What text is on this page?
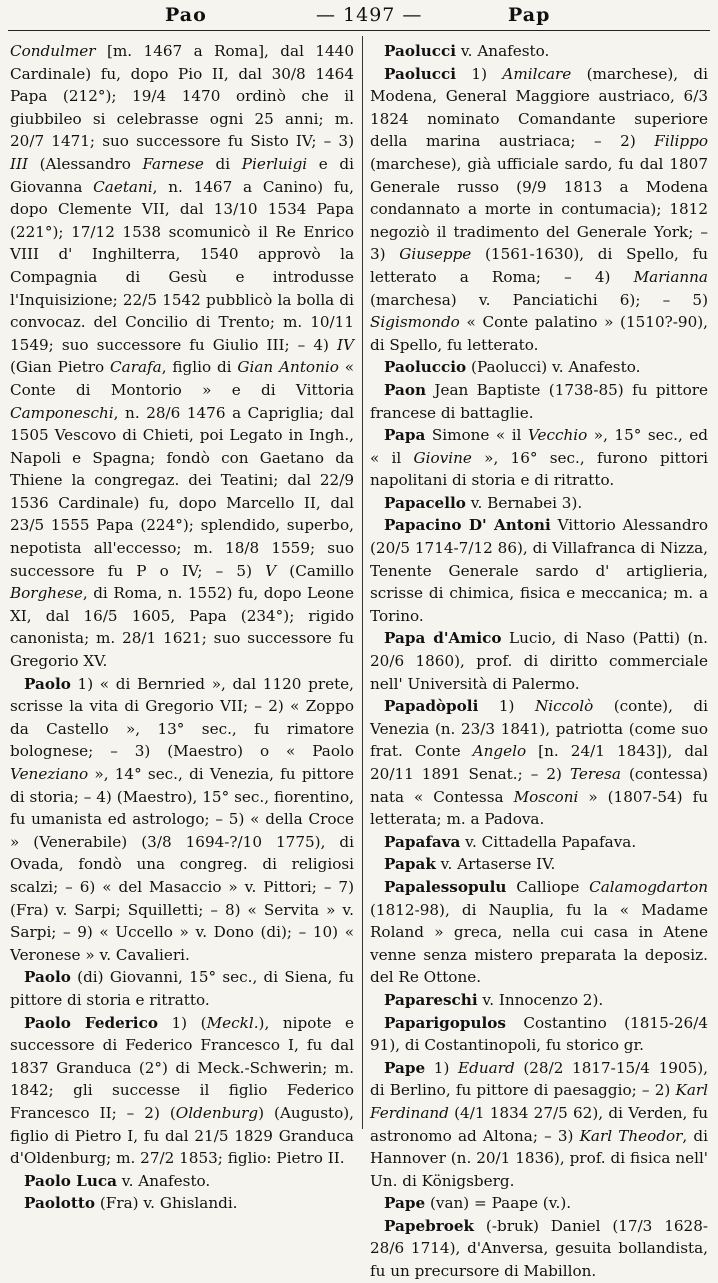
Pao	— 1497 —	Pap

Condulmer [m. 1467 a Roma], dal 1440 Cardinale) fu, dopo Pio II, dal 30/8 1464 Papa (212°); 19/4 1470 ordinò che il giubbileo si celebrasse ogni 25 anni; m. 20/7 1471; suo successore fu Sisto IV; – 3) III (Alessandro Farnese di Pierluigi e di Giovanna Caetani, n. 1467 a Canino) fu, dopo Clemente VII, dal 13/10 1534 Papa (221°); 17/12 1538 scomunicò il Re Enrico VIII d' Inghilterra, 1540 approvò la Compagnia di Gesù e introdusse l'Inquisizione; 22/5 1542 pubblicò la bolla di convocaz. del Concilio di Trento; m. 10/11 1549; suo successore fu Giulio III; – 4) IV (Gian Pietro Carafa, figlio di Gian Antonio « Conte di Montorio » e di Vittoria Camponeschi, n. 28/6 1476 a Capriglia; dal 1505 Vescovo di Chieti, poi Legato in Ingh., Napoli e Spagna; fondò con Gaetano da Thiene la congregaz. dei Teatini; dal 22/9 1536 Cardinale) fu, dopo Marcello II, dal 23/5 1555 Papa (224°); splendido, superbo, nepotista all'eccesso; m. 18/8 1559; suo successore fu P o IV; – 5) V (Camillo Borghese, di Roma, n. 1552) fu, dopo Leone XI, dal 16/5 1605, Papa (234°); rigido canonista; m. 28/1 1621; suo successore fu Gregorio XV.

Paolo 1) « di Bernried », dal 1120 prete, scrisse la vita di Gregorio VII; – 2) « Zoppo da Castello », 13° sec., fu rimatore bolognese; – 3) (Maestro) o « Paolo Veneziano », 14° sec., di Venezia, fu pittore di storia; – 4) (Maestro), 15° sec., fiorentino, fu umanista ed astrologo; – 5) « della Croce » (Venerabile) (3/8 1694-?/10 1775), di Ovada, fondò una congreg. di religiosi scalzi; – 6) « del Masaccio » v. Pittori; – 7) (Fra) v. Sarpi; Squilletti; – 8) « Servita » v. Sarpi; – 9) « Uccello » v. Dono (di); – 10) « Veronese » v. Cavalieri.

Paolo (di) Giovanni, 15° sec., di Siena, fu pittore di storia e ritratto.

Paolo Federico 1) (Meckl.), nipote e successore di Federico Francesco I, fu dal 1837 Granduca (2°) di Meck.-Schwerin; m. 1842; gli successe il figlio Federico Francesco II; – 2) (Oldenburg) (Augusto), figlio di Pietro I, fu dal 21/5 1829 Granduca d'Oldenburg; m. 27/2 1853; figlio: Pietro II.

Paolo Luca v. Anafesto.

Paolotto (Fra) v. Ghislandi.

Paolucci v. Anafesto.

Paolucci 1) Amilcare (marchese), di Modena, General Maggiore austriaco, 6/3 1824 nominato Comandante superiore della marina austriaca; – 2) Filippo (marchese), già ufficiale sardo, fu dal 1807 Generale russo (9/9 1813 a Modena condannato a morte in contumacia); 1812 negoziò il tradimento del Generale York; – 3) Giuseppe (1561-1630), di Spello, fu letterato a Roma; – 4) Marianna (marchesa) v. Panciatichi 6); – 5) Sigismondo « Conte palatino » (1510?-90), di Spello, fu letterato.

Paoluccio (Paolucci) v. Anafesto.

Paon Jean Baptiste (1738-85) fu pittore francese di battaglie.

Papa Simone « il Vecchio », 15° sec., ed « il Giovine », 16° sec., furono pittori napolitani di storia e di ritratto.

Papacello v. Bernabei 3).

Papacino D' Antoni Vittorio Alessandro (20/5 1714-7/12 86), di Villafranca di Nizza, Tenente Generale sardo d' artiglieria, scrisse di chimica, fisica e meccanica; m. a Torino.

Papa d'Amico Lucio, di Naso (Patti) (n. 20/6 1860), prof. di diritto commerciale nell' Università di Palermo.

Papadòpoli 1) Niccolò (conte), di Venezia (n. 23/3 1841), patriotta (come suo frat. Conte Angelo [n. 24/1 1843]), dal 20/11 1891 Senat.; – 2) Teresa (contessa) nata « Contessa Mosconi » (1807-54) fu letterata; m. a Padova.

Papafava v. Cittadella Papafava.

Papak v. Artaserse IV.

Papalessopulu Calliope Calamogdarton (1812-98), di Nauplia, fu la « Madame Roland » greca, nella cui casa in Atene venne senza mistero preparata la deposiz. del Re Ottone.

Papareschi v. Innocenzo 2).

Paparigopulos Costantino (1815-26/4 91), di Costantinopoli, fu storico gr.

Pape 1) Eduard (28/2 1817-15/4 1905), di Berlino, fu pittore di paesaggio; – 2) Karl Ferdinand (4/1 1834 27/5 62), di Verden, fu astronomo ad Altona; – 3) Karl Theodor, di Hannover (n. 20/1 1836), prof. di fisica nell' Un. di Königsberg.

Pape (van) = Paape (v.).

Papebroek (-bruk) Daniel (17/3 1628-28/6 1714), d'Anversa, gesuita bollandista, fu un precursore di Mabillon.
